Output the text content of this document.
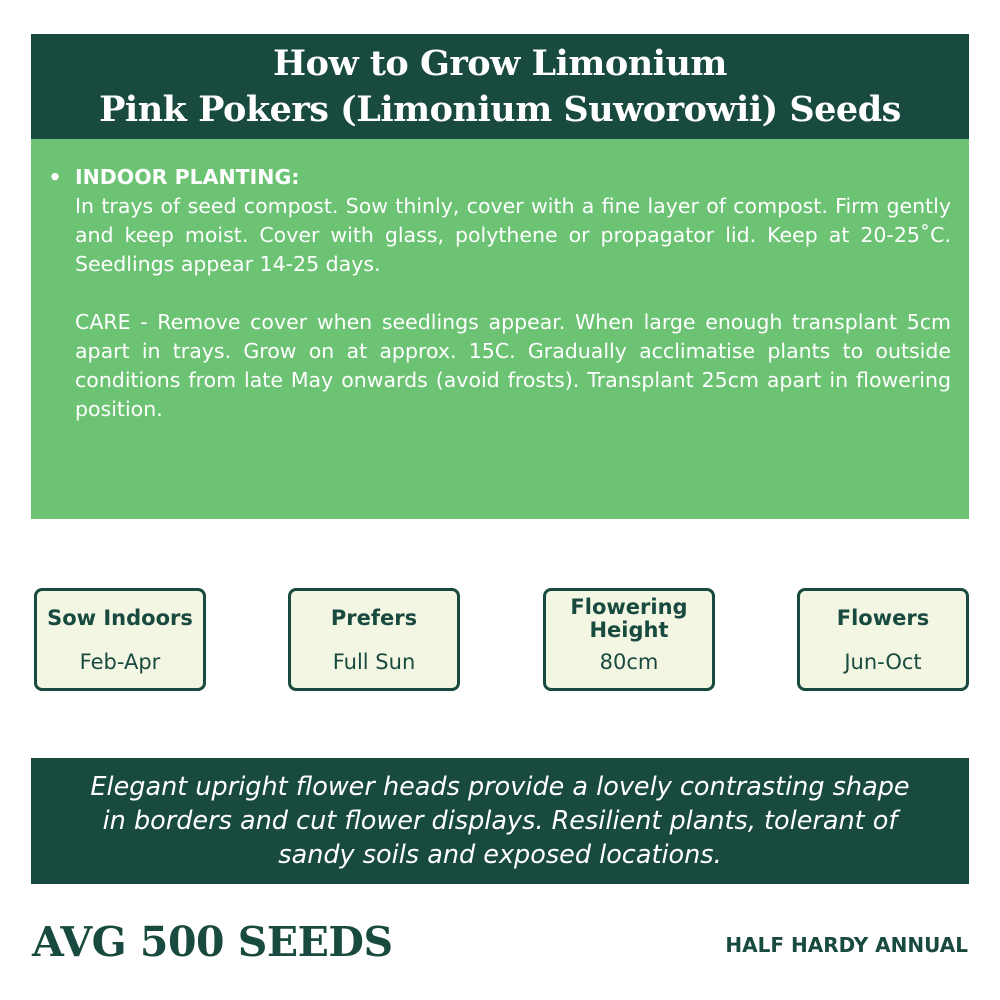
How to Grow Limonium
Pink Pokers (Limonium Suworowii) Seeds
• INDOOR PLANTING:
In trays of seed compost. Sow thinly, cover with a fine layer of compost. Firm gently and keep moist. Cover with glass, polythene or propagator lid. Keep at 20-25˚C. Seedlings appear 14-25 days.
CARE - Remove cover when seedlings appear. When large enough transplant 5cm apart in trays. Grow on at approx. 15C. Gradually acclimatise plants to outside conditions from late May onwards (avoid frosts). Transplant 25cm apart in flowering position.
Sow Indoors
Feb-Apr
Prefers
Full Sun
Flowering
Height
80cm
Flowers
Jun-Oct
Elegant upright flower heads provide a lovely contrasting shape
in borders and cut flower displays. Resilient plants, tolerant of
sandy soils and exposed locations.
AVG 500 SEEDS	HALF HARDY ANNUAL
